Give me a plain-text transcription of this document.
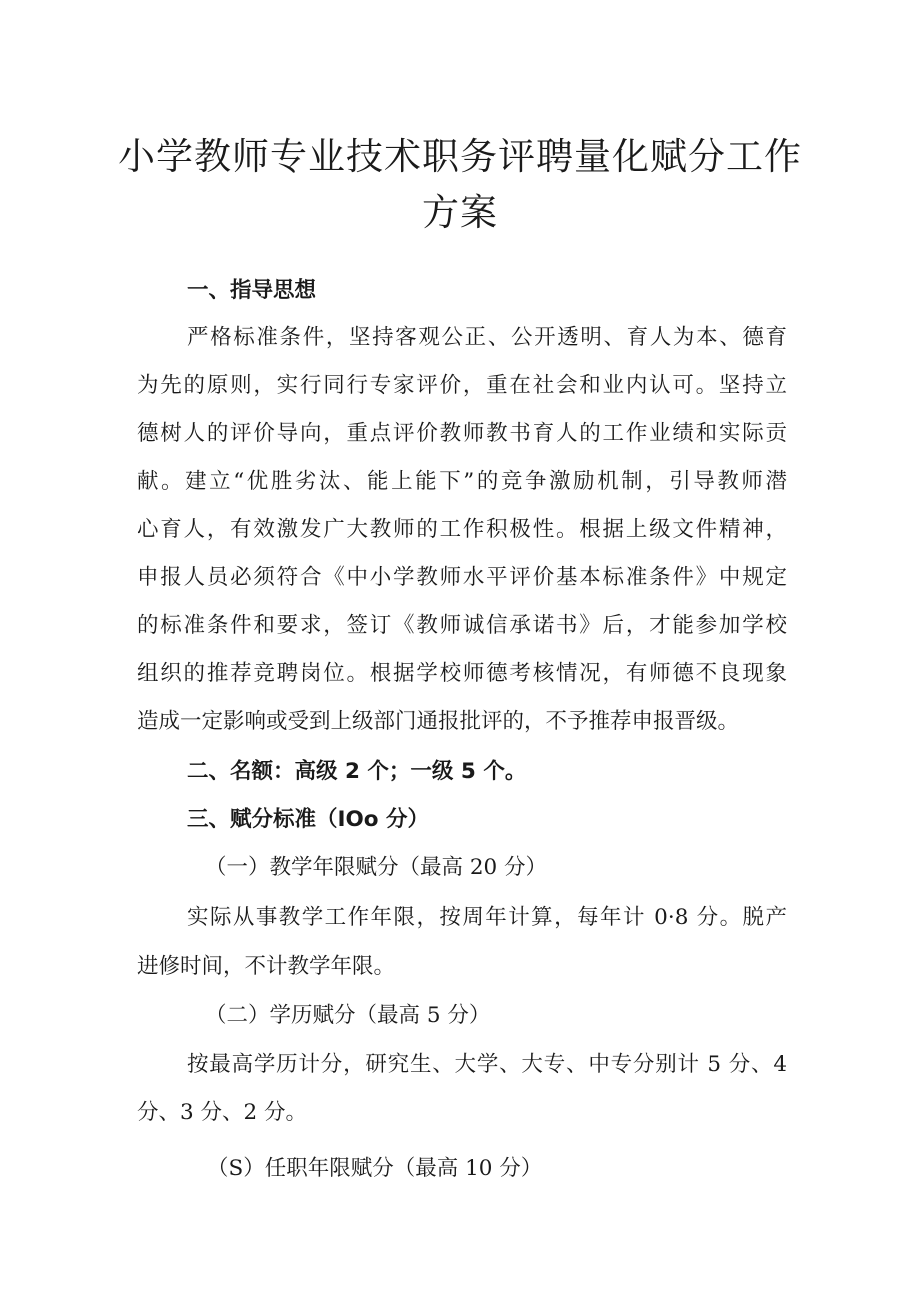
小学教师专业技术职务评聘量化赋分工作
方案
一、指导思想
严格标准条件，坚持客观公正、公开透明、育人为本、德育
为先的原则，实行同行专家评价，重在社会和业内认可。坚持立
德树人的评价导向，重点评价教师教书育人的工作业绩和实际贡
献。建立“优胜劣汰、能上能下”的竞争激励机制，引导教师潜
心育人，有效激发广大教师的工作积极性。根据上级文件精神，
申报人员必须符合《中小学教师水平评价基本标准条件》中规定
的标准条件和要求，签订《教师诚信承诺书》后，才能参加学校
组织的推荐竞聘岗位。根据学校师德考核情况，有师德不良现象
造成一定影响或受到上级部门通报批评的，不予推荐申报晋级。
二、名额：高级 2 个；一级 5 个。
三、赋分标准（IOo 分）
（一）教学年限赋分（最高 20 分）
实际从事教学工作年限，按周年计算，每年计 0·8 分。脱产
进修时间，不计教学年限。
（二）学历赋分（最高 5 分）
按最高学历计分，研究生、大学、大专、中专分别计 5 分、4
分、3 分、2 分。
（S）任职年限赋分（最高 10 分）
